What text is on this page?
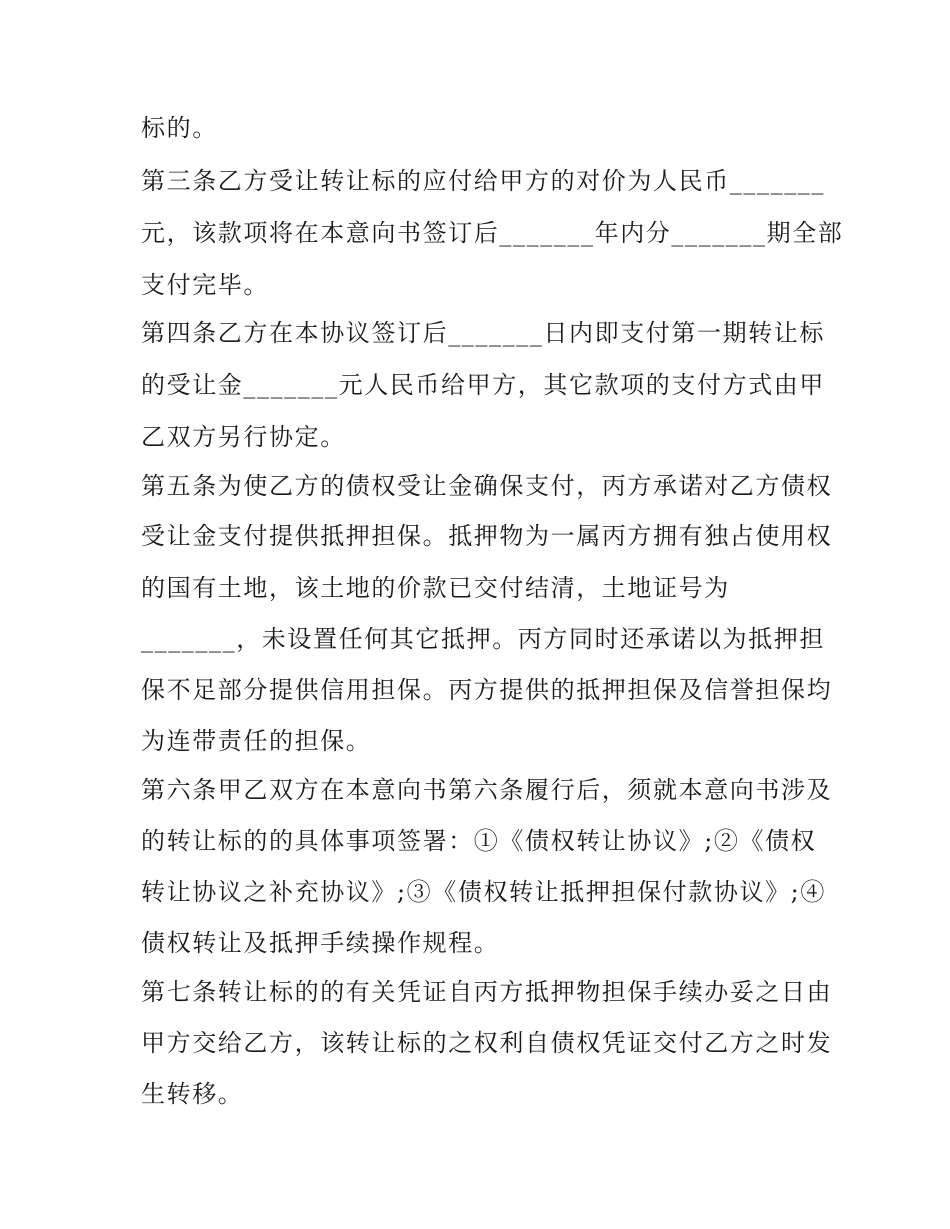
标的。

第三条乙方受让转让标的应付给甲方的对价为人民币_______

元，该款项将在本意向书签订后_______年内分_______期全部

支付完毕。

第四条乙方在本协议签订后_______日内即支付第一期转让标

的受让金_______元人民币给甲方，其它款项的支付方式由甲

乙双方另行协定。

第五条为使乙方的债权受让金确保支付，丙方承诺对乙方债权

受让金支付提供抵押担保。抵押物为一属丙方拥有独占使用权

的国有土地，该土地的价款已交付结清，土地证号为

_______，未设置任何其它抵押。丙方同时还承诺以为抵押担

保不足部分提供信用担保。丙方提供的抵押担保及信誉担保均

为连带责任的担保。

第六条甲乙双方在本意向书第六条履行后，须就本意向书涉及

的转让标的的具体事项签署：①《债权转让协议》;②《债权

转让协议之补充协议》;③《债权转让抵押担保付款协议》;④

债权转让及抵押手续操作规程。

第七条转让标的的有关凭证自丙方抵押物担保手续办妥之日由

甲方交给乙方，该转让标的之权利自债权凭证交付乙方之时发

生转移。
